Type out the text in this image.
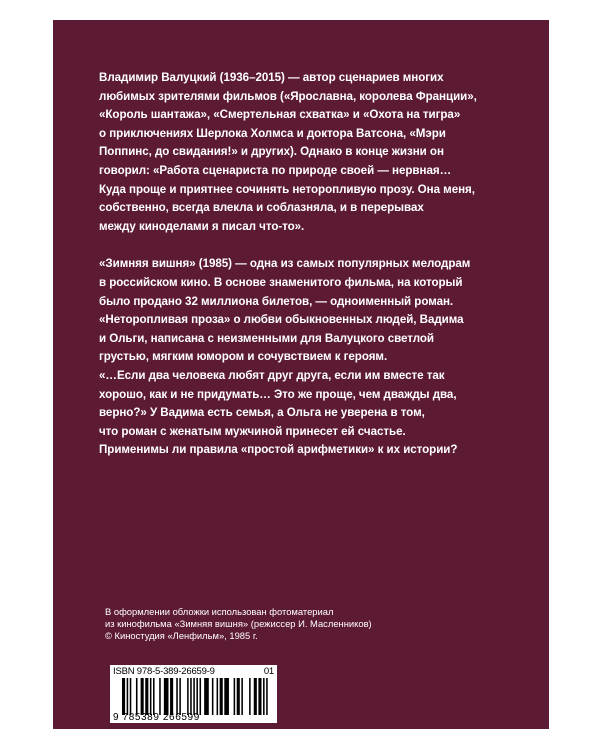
Владимир Валуцкий (1936–2015) — автор сценариев многих
любимых зрителями фильмов («Ярославна, королева Франции»,
«Король шантажа», «Смертельная схватка» и «Охота на тигра»
о приключениях Шерлока Холмса и доктора Ватсона, «Мэри
Поппинс, до свидания!» и других). Однако в конце жизни он
говорил: «Работа сценариста по природе своей — нервная…
Куда проще и приятнее сочинять неторопливую прозу. Она меня,
собственно, всегда влекла и соблазняла, и в перерывах
между киноделами я писал что-то».

«Зимняя вишня» (1985) — одна из самых популярных мелодрам
в российском кино. В основе знаменитого фильма, на который
было продано 32 миллиона билетов, — одноименный роман.
«Неторопливая проза» о любви обыкновенных людей, Вадима
и Ольги, написана с неизменными для Валуцкого светлой
грустью, мягким юмором и сочувствием к героям.
«…Если два человека любят друг друга, если им вместе так
хорошо, как и не придумать… Это же проще, чем дважды два,
верно?» У Вадима есть семья, а Ольга не уверена в том,
что роман с женатым мужчиной принесет ей счастье.
Применимы ли правила «простой арифметики» к их истории?

В оформлении обложки использован фотоматериал
из кинофильма «Зимняя вишня» (режиссер И. Масленников)
© Киностудия «Ленфильм», 1985 г.
ISBN 978-5-389-26659-9	01
9 785389 266599
